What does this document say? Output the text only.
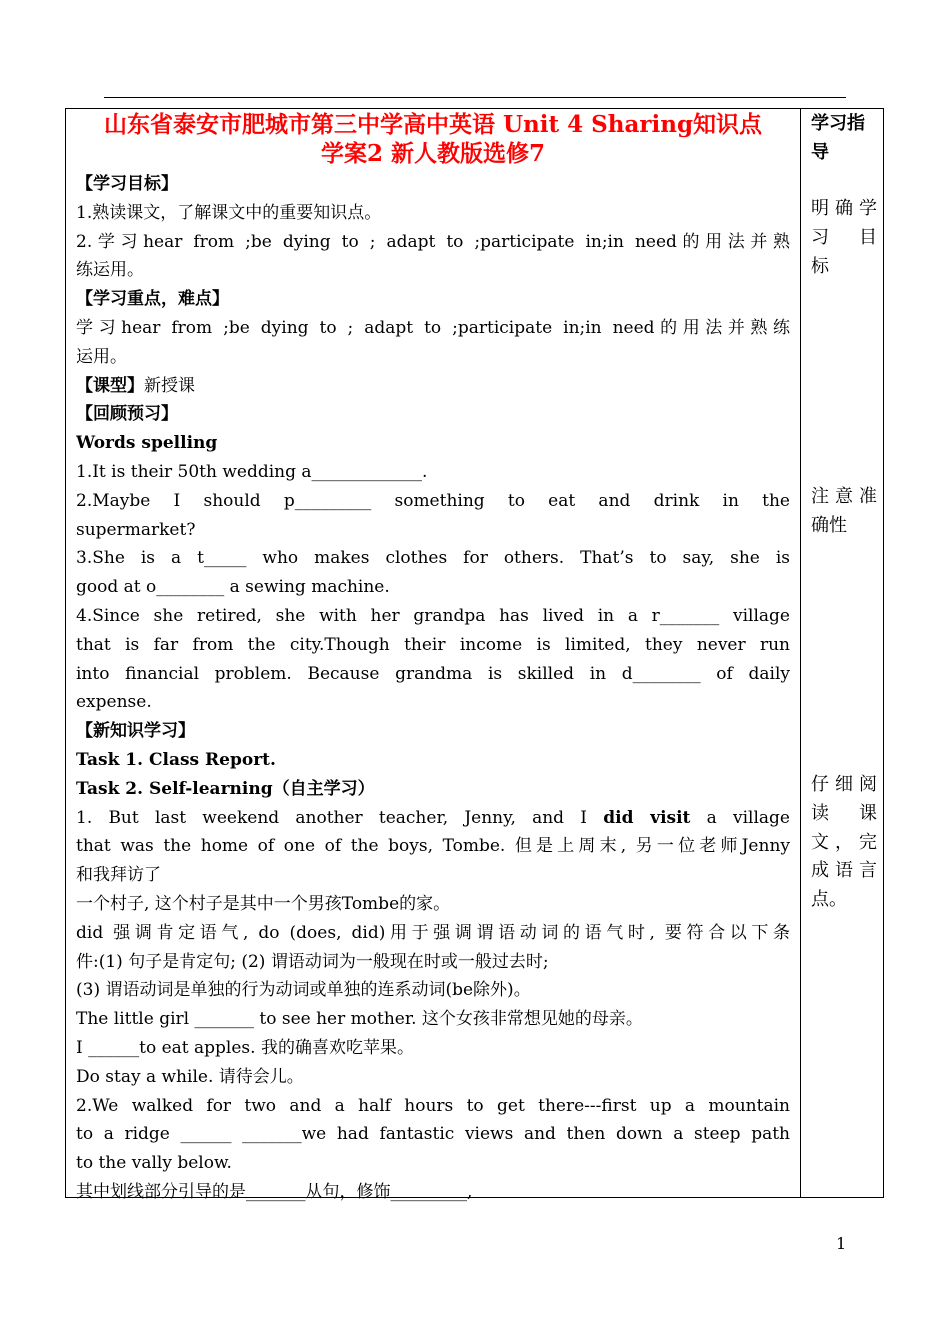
山东省泰安市肥城市第三中学高中英语 Unit 4 Sharing知识点
学案2 新人教版选修7
【学习目标】
1.熟读课文，了解课文中的重要知识点。
2.学习hear from ;be dying to ; adapt to ;participate in;in need的用法并熟
练运用。
【学习重点，难点】
学习hear from ;be dying to ; adapt to ;participate in;in need的用法并熟练
运用。
【课型】新授课
【回顾预习】
Words spelling
1.It is their 50th wedding a_____________.
2.Maybe I should p_________ something to eat and drink in the
supermarket?
3.She is a t_____ who makes clothes for others. That’s to say, she is
good at o________ a sewing machine.
4.Since she retired, she with her grandpa has lived in a r_______ village
that is far from the city.Though their income is limited, they never run
into financial problem. Because grandma is skilled in d________ of daily
expense.
【新知识学习】
Task 1. Class Report.
Task 2. Self-learning（自主学习）
1. But last weekend another teacher, Jenny, and I did visit a village
that was the home of one of the boys, Tombe. 但是上周末, 另一位老师Jenny
和我拜访了
一个村子, 这个村子是其中一个男孩Tombe的家。
did 强调肯定语气, do (does, did)用于强调谓语动词的语气时, 要符合以下条
件:(1) 句子是肯定句; (2) 谓语动词为一般现在时或一般过去时;
(3) 谓语动词是单独的行为动词或单独的连系动词(be除外)。
The little girl _______ to see her mother. 这个女孩非常想见她的母亲。
I ______to eat apples. 我的确喜欢吃苹果。
Do stay a while. 请待会儿。
2.We walked for two and a half hours to get there---first up a mountain
to a ridge ______ _______we had fantastic views and then down a steep path
to the vally below.
其中划线部分引导的是_______从句，修饰_________,
学习指
导
明确学
习　目
标
注意准
确性
仔细阅
读　课
文，完
成语言
点。
1
